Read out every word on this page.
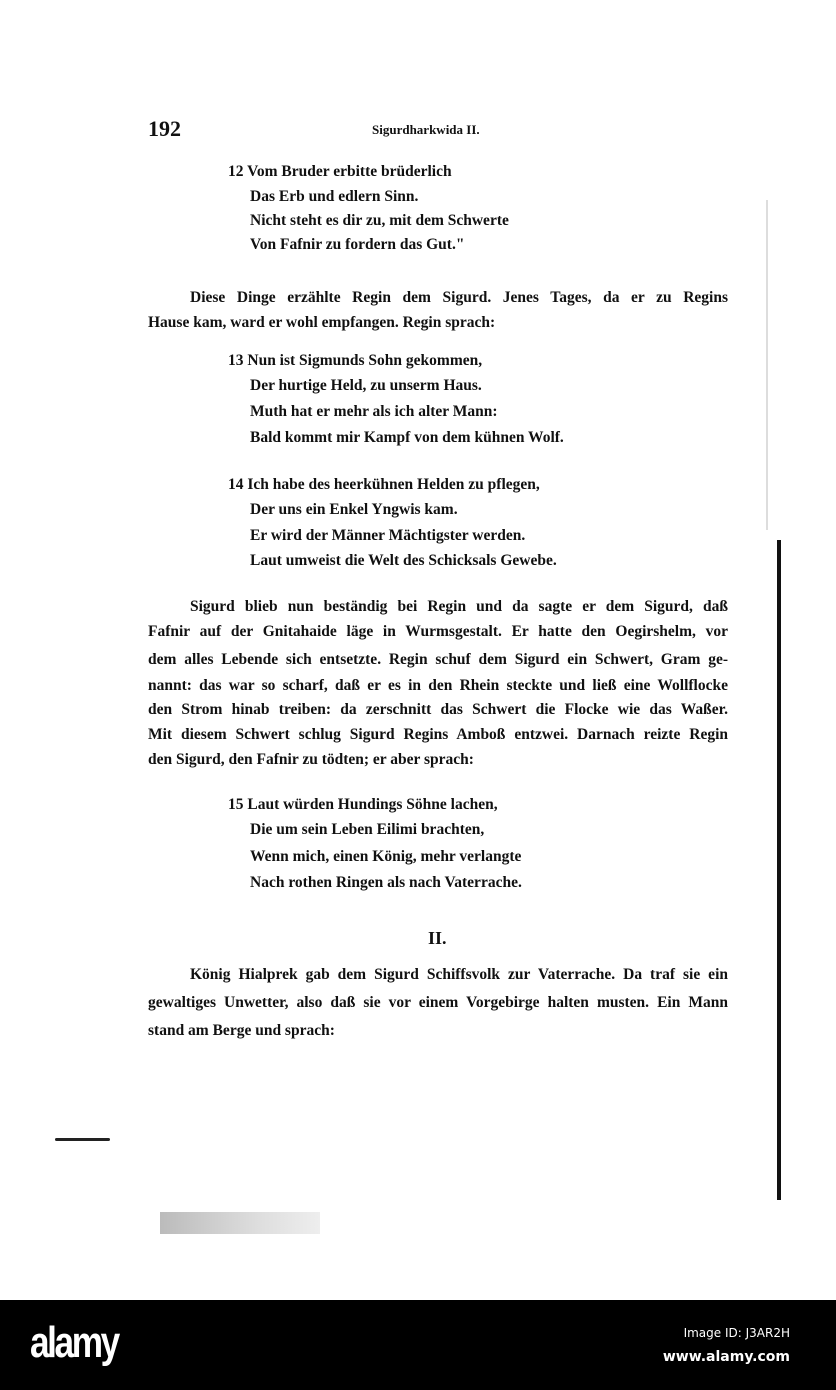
192	Sigurdharkwida II.
12 Vom Bruder erbitte brüderlich
Das Erb und edlern Sinn.
Nicht steht es dir zu, mit dem Schwerte
Von Fafnir zu fordern das Gut."
Diese Dinge erzählte Regin dem Sigurd. Jenes Tages, da er zu Regins
Hause kam, ward er wohl empfangen. Regin sprach:
13 Nun ist Sigmunds Sohn gekommen,
Der hurtige Held, zu unserm Haus.
Muth hat er mehr als ich alter Mann:
Bald kommt mir Kampf von dem kühnen Wolf.
14 Ich habe des heerkühnen Helden zu pflegen,
Der uns ein Enkel Yngwis kam.
Er wird der Männer Mächtigster werden.
Laut umweist die Welt des Schicksals Gewebe.
Sigurd blieb nun beständig bei Regin und da sagte er dem Sigurd, daß
Fafnir auf der Gnitahaide läge in Wurmsgestalt. Er hatte den Oegirshelm, vor
dem alles Lebende sich entsetzte. Regin schuf dem Sigurd ein Schwert, Gram ge-
nannt: das war so scharf, daß er es in den Rhein steckte und ließ eine Wollflocke
den Strom hinab treiben: da zerschnitt das Schwert die Flocke wie das Waßer.
Mit diesem Schwert schlug Sigurd Regins Amboß entzwei. Darnach reizte Regin
den Sigurd, den Fafnir zu tödten; er aber sprach:
15 Laut würden Hundings Söhne lachen,
Die um sein Leben Eilimi brachten,
Wenn mich, einen König, mehr verlangte
Nach rothen Ringen als nach Vaterrache.
II.
König Hialprek gab dem Sigurd Schiffsvolk zur Vaterrache. Da traf sie ein
gewaltiges Unwetter, also daß sie vor einem Vorgebirge halten musten. Ein Mann
stand am Berge und sprach:
alamy	Image ID: J3AR2H
www.alamy.com
